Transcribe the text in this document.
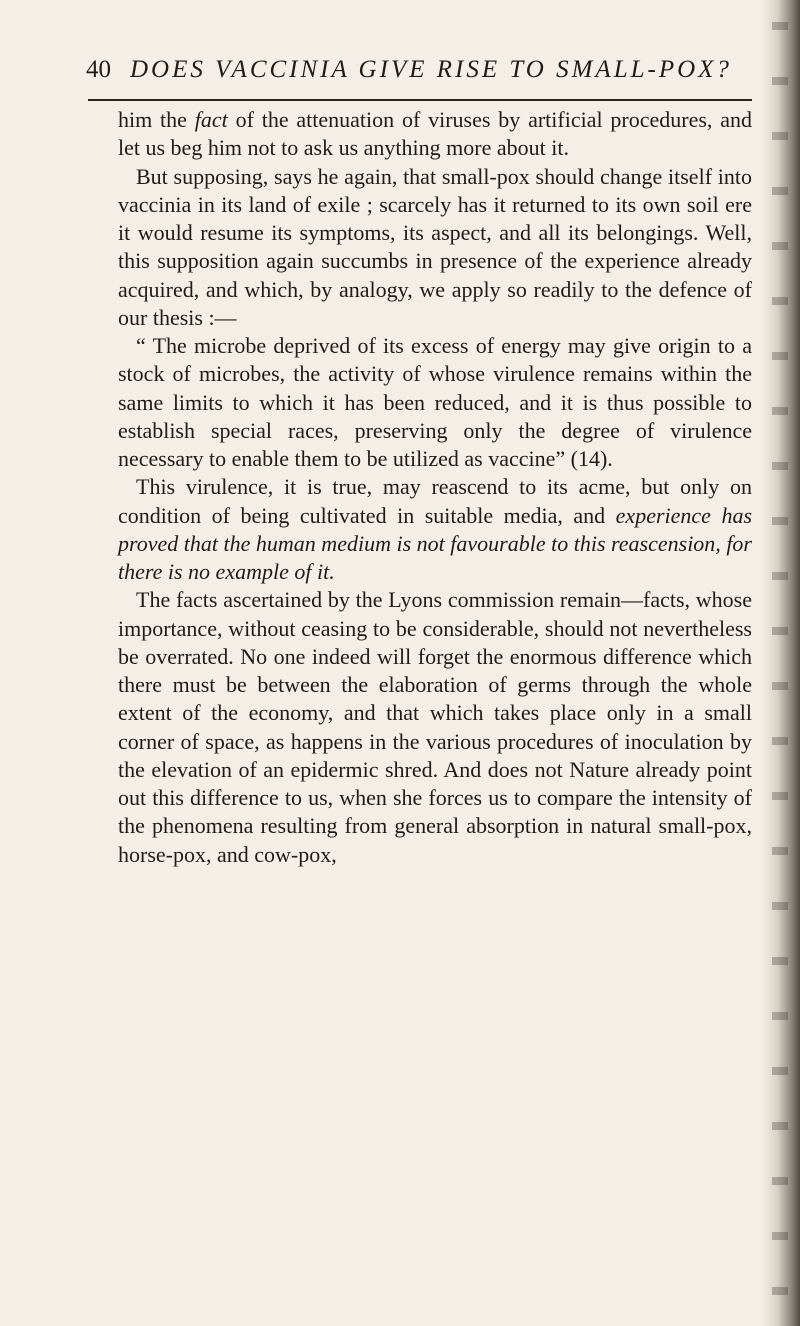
40 DOES VACCINIA GIVE RISE TO SMALL-POX?

him the fact of the attenuation of viruses by artificial procedures, and let us beg him not to ask us anything more about it.

But supposing, says he again, that small-pox should change itself into vaccinia in its land of exile ; scarcely has it returned to its own soil ere it would resume its symptoms, its aspect, and all its belongings. Well, this supposition again succumbs in presence of the experience already acquired, and which, by analogy, we apply so readily to the defence of our thesis :—

“ The microbe deprived of its excess of energy may give origin to a stock of microbes, the activity of whose virulence remains within the same limits to which it has been reduced, and it is thus possible to establish special races, preserving only the degree of virulence necessary to enable them to be utilized as vaccine” (14).

This virulence, it is true, may reascend to its acme, but only on condition of being cultivated in suitable media, and experience has proved that the human medium is not favourable to this reascension, for there is no example of it.

The facts ascertained by the Lyons commission remain—facts, whose importance, without ceasing to be considerable, should not nevertheless be overrated. No one indeed will forget the enormous difference which there must be between the elaboration of germs through the whole extent of the economy, and that which takes place only in a small corner of space, as happens in the various procedures of inoculation by the elevation of an epidermic shred. And does not Nature already point out this difference to us, when she forces us to compare the intensity of the phenomena resulting from general absorption in natural small-pox, horse-pox, and cow-pox,
